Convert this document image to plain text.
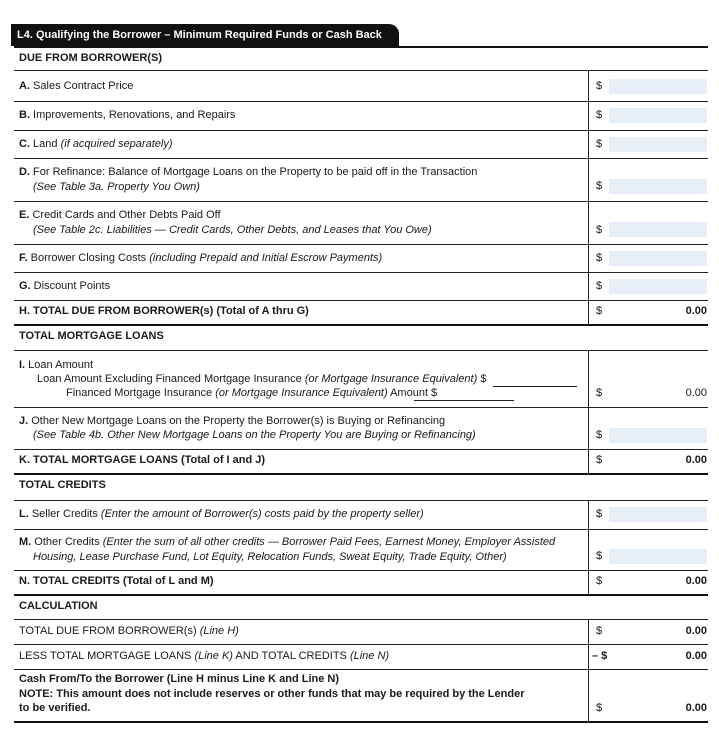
L4. Qualifying the Borrower – Minimum Required Funds or Cash Back
DUE FROM BORROWER(S)
A. Sales Contract Price	$
B. Improvements, Renovations, and Repairs	$
C. Land (if acquired separately)	$
D. For Refinance: Balance of Mortgage Loans on the Property to be paid off in the Transaction
(See Table 3a. Property You Own)	$
E. Credit Cards and Other Debts Paid Off
(See Table 2c. Liabilities — Credit Cards, Other Debts, and Leases that You Owe)	$
F. Borrower Closing Costs (including Prepaid and Initial Escrow Payments)	$
G. Discount Points	$
H. TOTAL DUE FROM BORROWER(s) (Total of A thru G)	$	0.00
TOTAL MORTGAGE LOANS
I. Loan Amount
Loan Amount Excluding Financed Mortgage Insurance (or Mortgage Insurance Equivalent) $
Financed Mortgage Insurance (or Mortgage Insurance Equivalent) Amount $	$	0.00
J. Other New Mortgage Loans on the Property the Borrower(s) is Buying or Refinancing
(See Table 4b. Other New Mortgage Loans on the Property You are Buying or Refinancing)	$
K. TOTAL MORTGAGE LOANS (Total of I and J)	$	0.00
TOTAL CREDITS
L. Seller Credits (Enter the amount of Borrower(s) costs paid by the property seller)	$
M. Other Credits (Enter the sum of all other credits — Borrower Paid Fees, Earnest Money, Employer Assisted
Housing, Lease Purchase Fund, Lot Equity, Relocation Funds, Sweat Equity, Trade Equity, Other)	$
N. TOTAL CREDITS (Total of L and M)	$	0.00
CALCULATION
TOTAL DUE FROM BORROWER(s) (Line H)	$	0.00
LESS TOTAL MORTGAGE LOANS (Line K) AND TOTAL CREDITS (Line N)	– $	0.00
Cash From/To the Borrower (Line H minus Line K and Line N)
NOTE: This amount does not include reserves or other funds that may be required by the Lender
to be verified.	$	0.00
